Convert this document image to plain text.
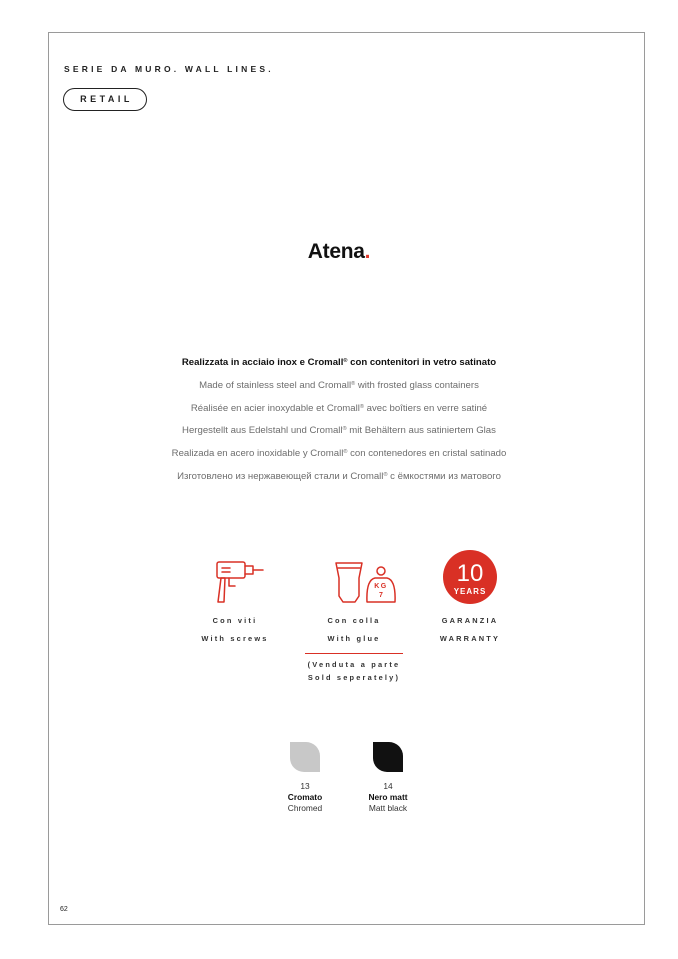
SERIE DA MURO. WALL LINES.
RETAIL
Atena.
Realizzata in acciaio inox e Cromall® con contenitori in vetro satinato
Made of stainless steel and Cromall® with frosted glass containers
Réalisée en acier inoxydable et Cromall® avec boîtiers en verre satiné
Hergestellt aus Edelstahl und Cromall® mit Behältern aus satiniertem Glas
Realizada en acero inoxidable y Cromall® con contenedores en cristal satinado
Изготовлено из нержавеющей стали и Cromall® с ёмкостями из матового
Con viti
With screws
KG
7
Con colla
With glue
10
YEARS
GARANZIA
WARRANTY
(Venduta a parte
Sold seperately)
13
Cromato
Chromed
14
Nero matt
Matt black
62
